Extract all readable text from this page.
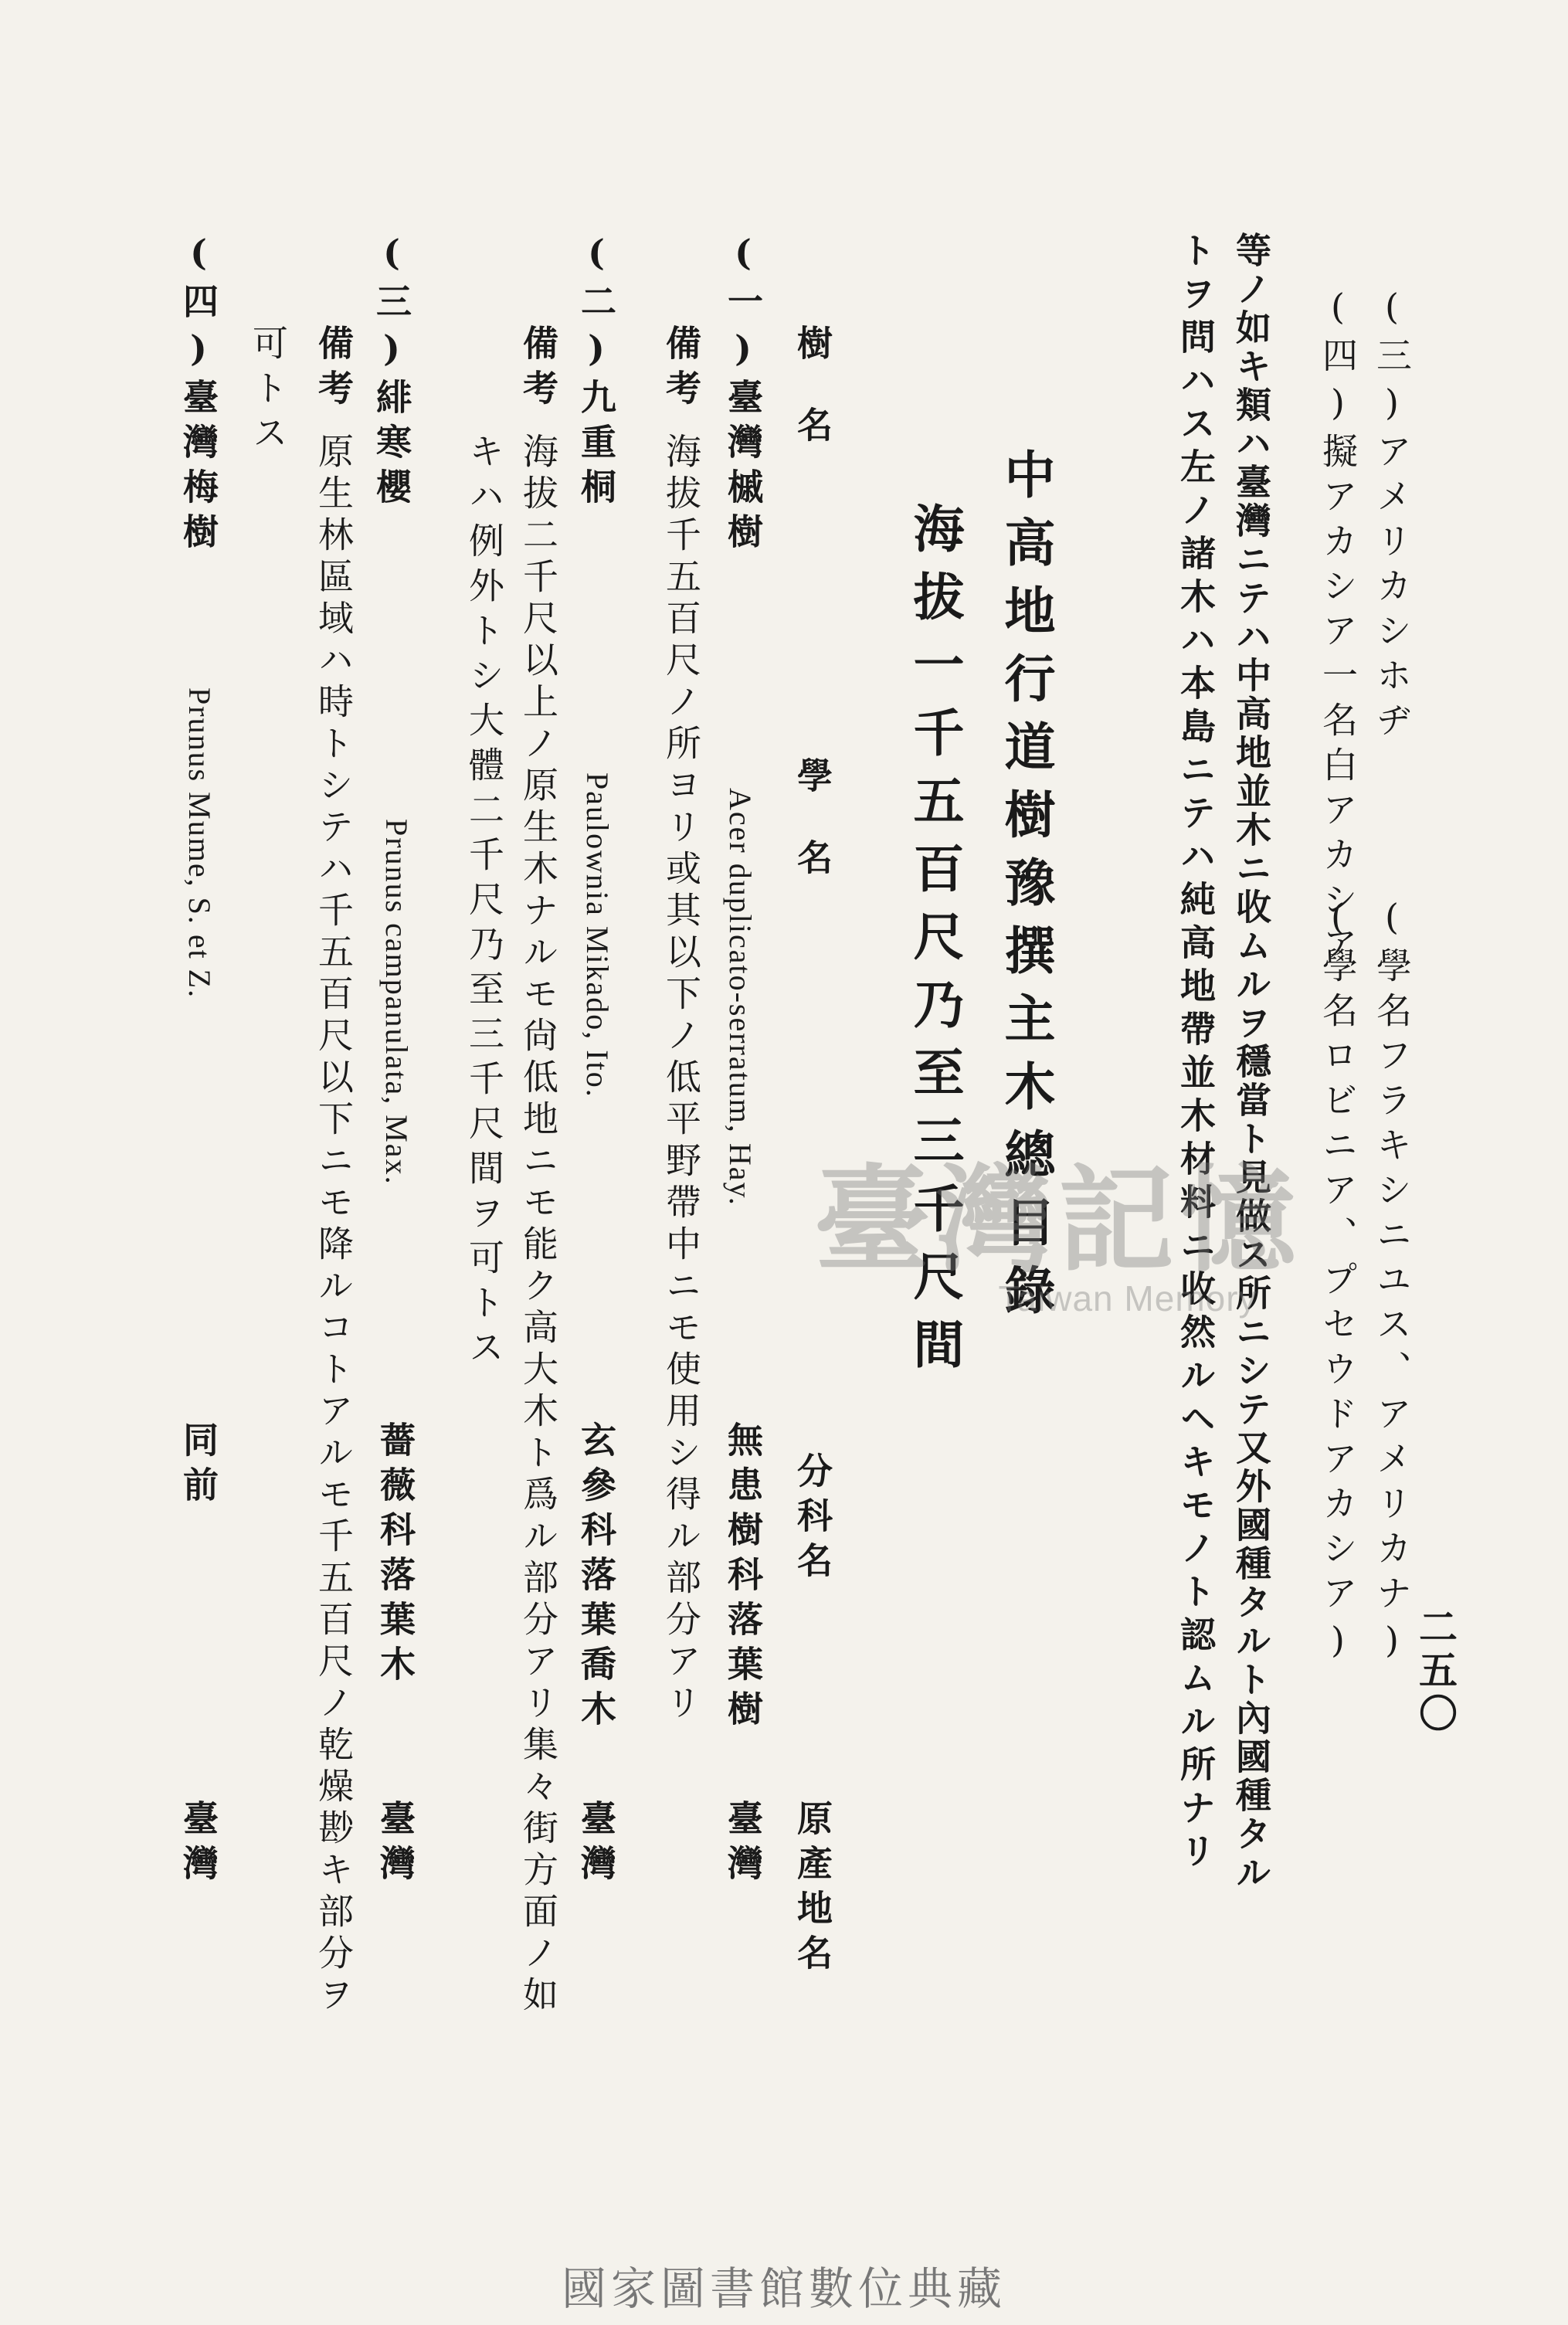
二五〇
(三)アメリカシホヂ
(學名フラキシニユス、アメリカナ)
(四)擬アカシア一名白アカシア
(學名ロビニア、プセウドアカシア)
等ノ如キ類ハ臺灣ニテハ中高地並木ニ收ムルヲ穩當ト見做ス所ニシテ又外國種タルト內國種タル
トヲ問ハス左ノ諸木ハ本島ニテハ純高地帶並木材料ニ收然ルヘキモノト認ムル所ナリ
中高地行道樹豫撰主木總目錄
海拔一千五百尺乃至三千尺間
樹名
學名
分科名
原產地名
(一)臺灣槭樹
Acer duplicato-serratum, Hay.
無患樹科落葉樹
臺灣
備考
海拔千五百尺ノ所ヨリ或其以下ノ低平野帶中ニモ使用シ得ル部分アリ
(二)九重桐
Paulownia Mikado, Ito.
玄參科落葉喬木
臺灣
備考
海拔二千尺以上ノ原生木ナルモ尙低地ニモ能ク高大木ト爲ル部分アリ集々街方面ノ如
キハ例外トシ大體二千尺乃至三千尺間ヲ可トス
(三)緋寒櫻
Prunus campanulata, Max.
薔薇科落葉木
臺灣
備考
原生林區域ハ時トシテハ千五百尺以下ニモ降ルコトアルモ千五百尺ノ乾燥尠キ部分ヲ
可トス
(四)臺灣梅樹
Prunus Mume, S. et Z.
同前
臺灣
臺灣記憶
Taiwan Memory
國家圖書館數位典藏
